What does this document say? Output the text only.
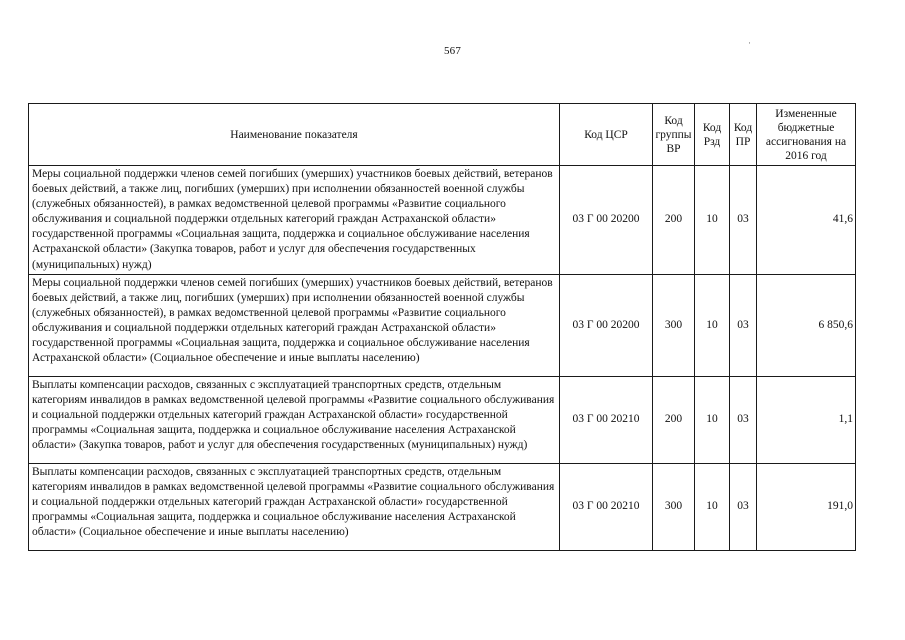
567
·
Наименование показателя	Код ЦСР	Код группы ВР	Код Рзд	Код ПР	Измененные бюджетные ассигнования на 2016 год
Меры социальной поддержки членов семей погибших (умерших) участников боевых действий, ветеранов боевых действий, а также лиц, погибших (умерших) при исполнении обязанностей военной службы (служебных обязанностей), в рамках ведомственной целевой программы «Развитие социального обслуживания и социальной поддержки отдельных категорий граждан Астраханской области» государственной программы «Социальная защита, поддержка и социальное обслуживание населения Астраханской области» (Закупка товаров, работ и услуг для обеспечения государственных (муниципальных) нужд)	03 Г 00 20200	200	10	03	41,6
Меры социальной поддержки членов семей погибших (умерших) участников боевых действий, ветеранов боевых действий, а также лиц, погибших (умерших) при исполнении обязанностей военной службы (служебных обязанностей), в рамках ведомственной целевой программы «Развитие социального обслуживания и социальной поддержки отдельных категорий граждан Астраханской области» государственной программы «Социальная защита, поддержка и социальное обслуживание населения Астраханской области» (Социальное обеспечение и иные выплаты населению)	03 Г 00 20200	300	10	03	6 850,6
Выплаты компенсации расходов, связанных с эксплуатацией транспортных средств, отдельным категориям инвалидов в рамках ведомственной целевой программы «Развитие социального обслуживания и социальной поддержки отдельных категорий граждан Астраханской области» государственной программы «Социальная защита, поддержка и социальное обслуживание населения Астраханской области» (Закупка товаров, работ и услуг для обеспечения государственных (муниципальных) нужд)	03 Г 00 20210	200	10	03	1,1
Выплаты компенсации расходов, связанных с эксплуатацией транспортных средств, отдельным категориям инвалидов в рамках ведомственной целевой программы «Развитие социального обслуживания и социальной поддержки отдельных категорий граждан Астраханской области» государственной программы «Социальная защита, поддержка и социальное обслуживание населения Астраханской области» (Социальное обеспечение и иные выплаты населению)	03 Г 00 20210	300	10	03	191,0
